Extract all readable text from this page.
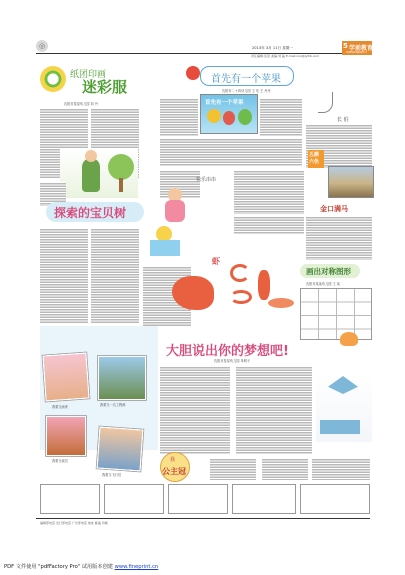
◎	2013年 3月 11日 星期一
责任编辑:张思 美编:刘 晶 E-mail:xxx@jyfzb.com
5 学前教育
XUEQIANJIAOYU
纸团印画
迷彩服
沈阳市星星幼儿园 刘 丹
首先有一个苹果
沈阳市二十四幼儿园 王 东 王 丹丹
首先有一个苹果
长 伯
五颜
六色
金口满马
快乐串串
探索的宝贝树
虾
画出对称图形
沈阳市某某幼儿园 王 某
大胆说出你的梦想吧!
沈阳市星星幼儿园 单明子
我要当画家	我要当一名工程师
我要当演员
我要当飞行员
我
公主冠
编辑部电话 发行部电话 广告部电话 地址 邮编 印刷
PDF 文件使用 "pdfFactory Pro" 试用版本创建 www.fineprint.cn
